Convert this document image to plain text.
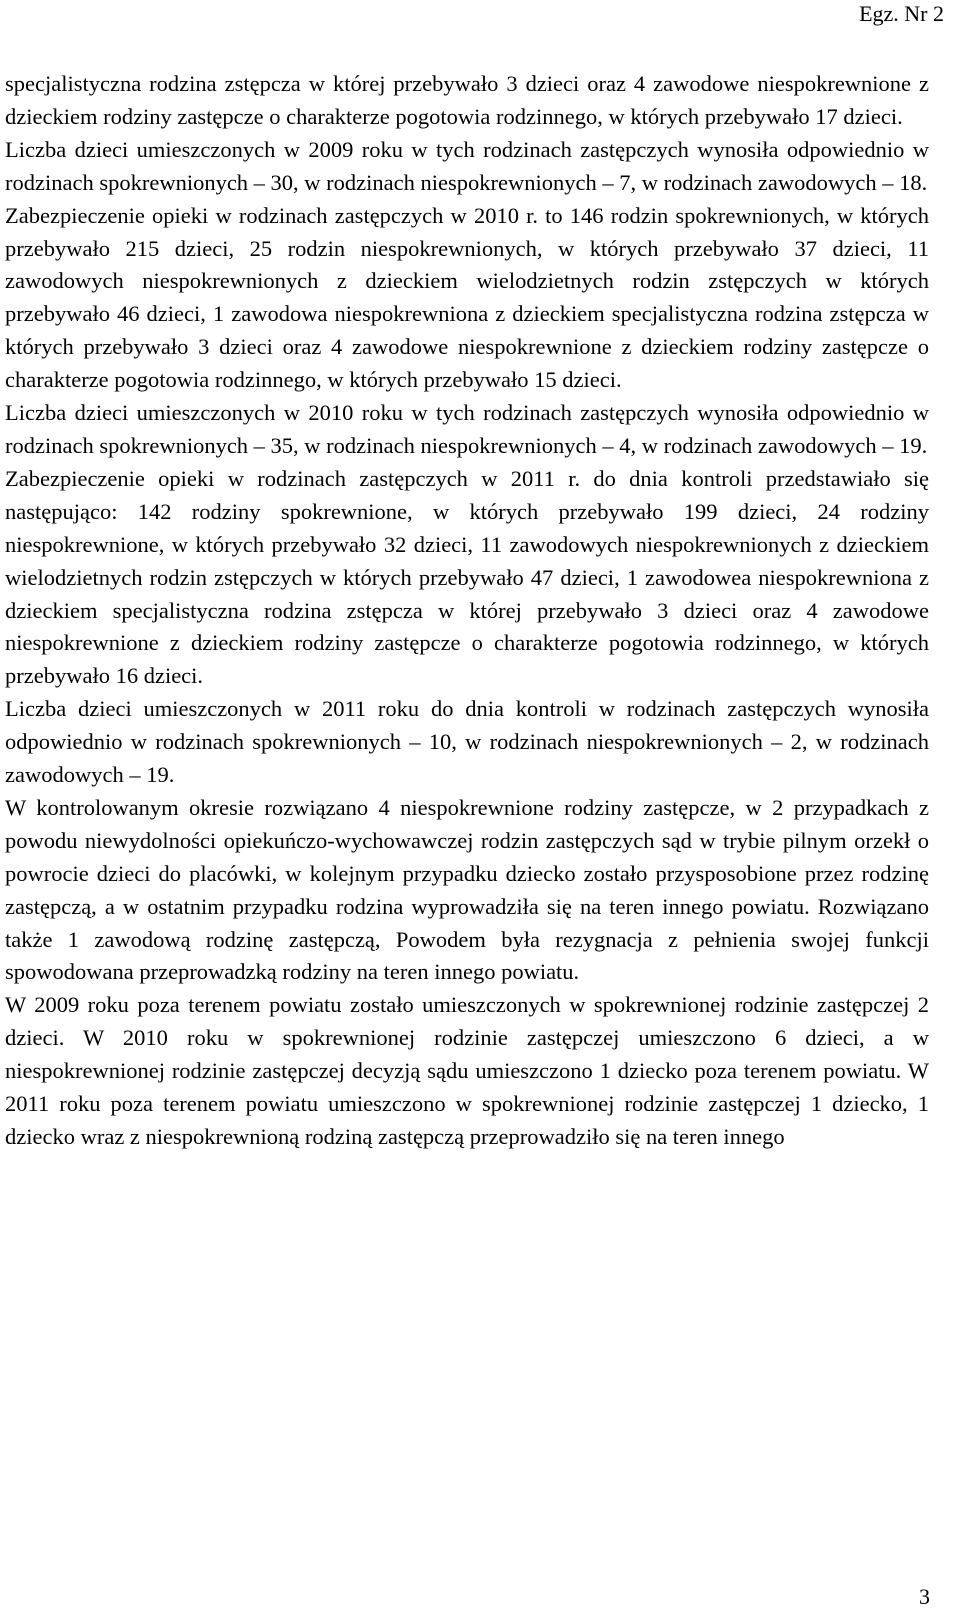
Egz. Nr 2

specjalistyczna rodzina zstępcza w której przebywało 3 dzieci oraz 4 zawodowe niespokrewnione z dzieckiem rodziny zastępcze o charakterze pogotowia rodzinnego, w których przebywało 17 dzieci.

Liczba dzieci umieszczonych w 2009 roku w tych rodzinach zastępczych wynosiła odpowiednio w rodzinach spokrewnionych – 30, w rodzinach niespokrewnionych – 7, w rodzinach zawodowych – 18.

Zabezpieczenie opieki w rodzinach zastępczych w 2010 r. to 146 rodzin spokrewnionych, w których przebywało 215 dzieci, 25 rodzin niespokrewnionych, w których przebywało 37 dzieci, 11 zawodowych niespokrewnionych z dzieckiem wielodzietnych rodzin zstępczych w których przebywało 46 dzieci, 1 zawodowa niespokrewniona z dzieckiem specjalistyczna rodzina zstępcza w których przebywało 3 dzieci oraz 4 zawodowe niespokrewnione z dzieckiem rodziny zastępcze o charakterze pogotowia rodzinnego, w których przebywało 15 dzieci.

Liczba dzieci umieszczonych w 2010 roku w tych rodzinach zastępczych wynosiła odpowiednio w rodzinach spokrewnionych – 35, w rodzinach niespokrewnionych – 4, w rodzinach zawodowych – 19.

Zabezpieczenie opieki w rodzinach zastępczych w 2011 r. do dnia kontroli przedstawiało się następująco: 142 rodziny spokrewnione, w których przebywało 199 dzieci, 24 rodziny niespokrewnione, w których przebywało 32 dzieci, 11 zawodowych niespokrewnionych z dzieckiem wielodzietnych rodzin zstępczych w których przebywało 47 dzieci, 1 zawodowea niespokrewniona z dzieckiem specjalistyczna rodzina zstępcza w której przebywało 3 dzieci oraz 4 zawodowe niespokrewnione z dzieckiem rodziny zastępcze o charakterze pogotowia rodzinnego, w których przebywało 16 dzieci.

Liczba dzieci umieszczonych w 2011 roku do dnia kontroli w rodzinach zastępczych wynosiła odpowiednio w rodzinach spokrewnionych – 10, w rodzinach niespokrewnionych – 2, w rodzinach zawodowych – 19.

W kontrolowanym okresie rozwiązano 4 niespokrewnione rodziny zastępcze, w 2 przypadkach z powodu niewydolności opiekuńczo-wychowawczej rodzin zastępczych sąd w trybie pilnym orzekł o powrocie dzieci do placówki, w kolejnym przypadku dziecko zostało przysposobione przez rodzinę zastępczą, a w ostatnim przypadku rodzina wyprowadziła się na teren innego powiatu. Rozwiązano także 1 zawodową rodzinę zastępczą, Powodem była rezygnacja z pełnienia swojej funkcji spowodowana przeprowadzką rodziny na teren innego powiatu.

W 2009 roku poza terenem powiatu zostało umieszczonych w spokrewnionej rodzinie zastępczej 2 dzieci. W 2010 roku w spokrewnionej rodzinie zastępczej umieszczono 6 dzieci, a w niespokrewnionej rodzinie zastępczej decyzją sądu umieszczono 1 dziecko poza terenem powiatu. W 2011 roku poza terenem powiatu umieszczono w spokrewnionej rodzinie zastępczej 1 dziecko, 1 dziecko wraz z niespokrewnioną rodziną zastępczą przeprowadziło się na teren innego

3
